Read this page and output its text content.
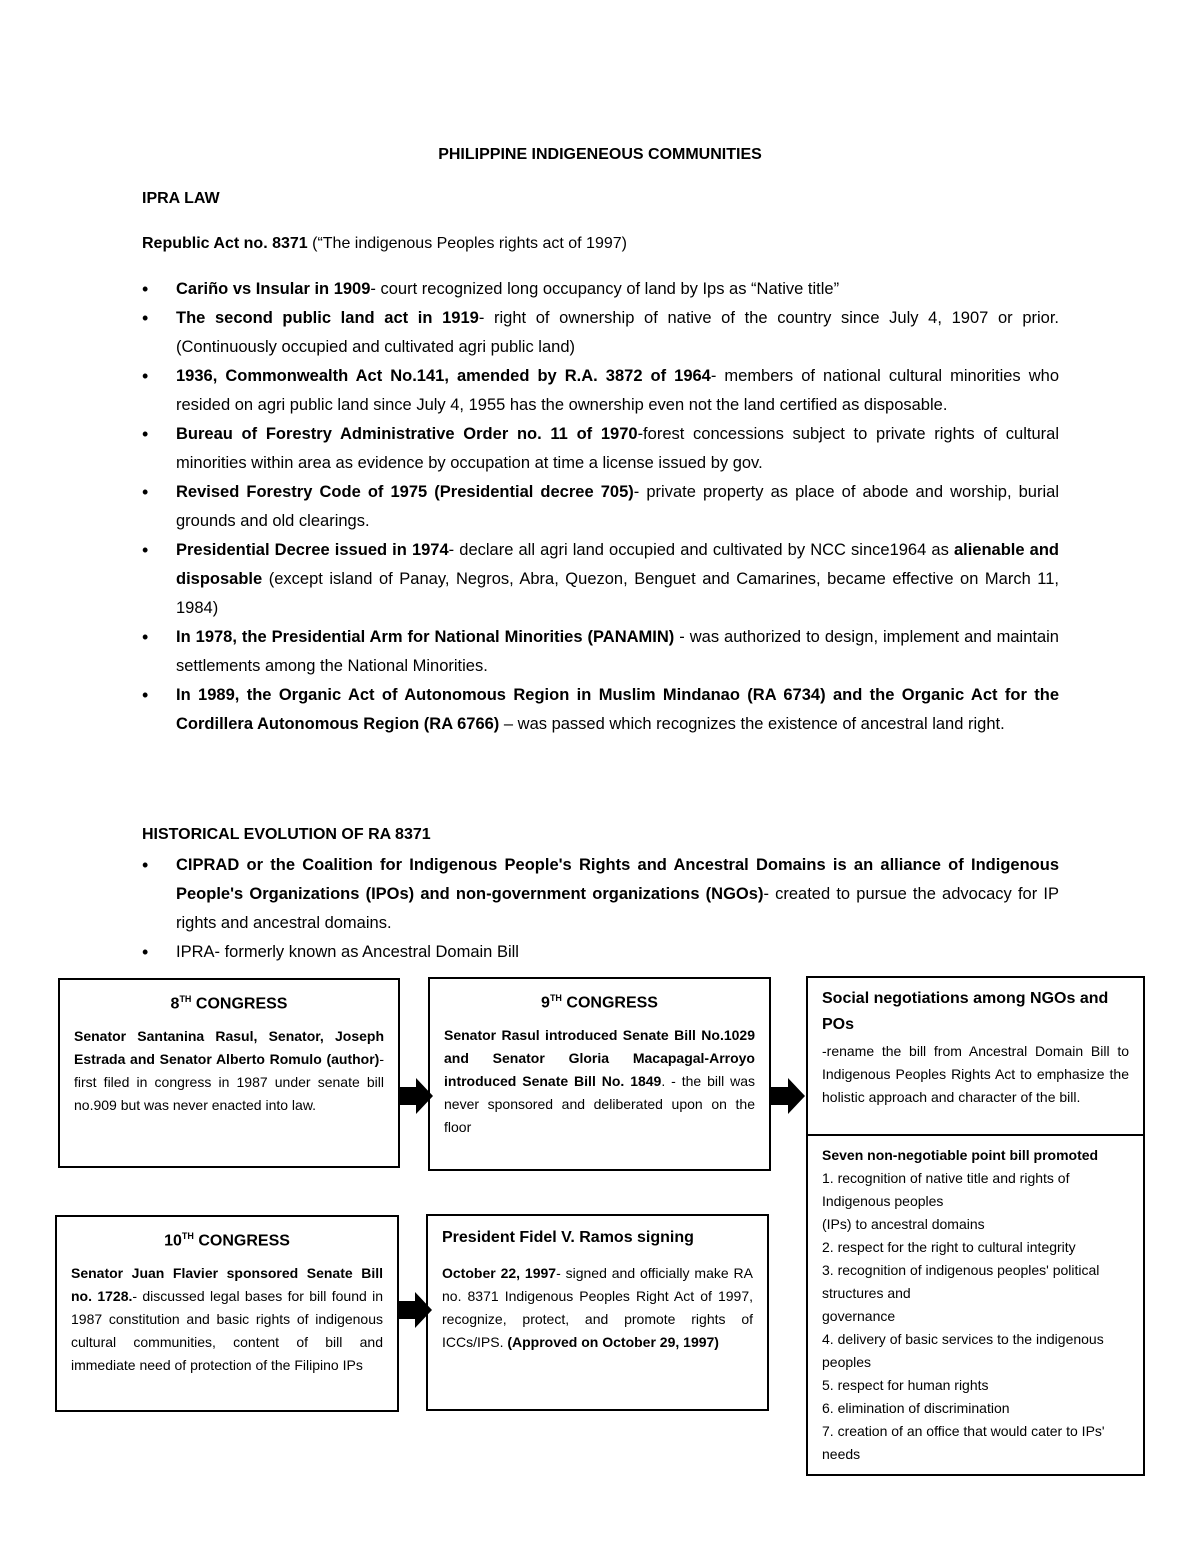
PHILIPPINE INDIGENEOUS COMMUNITIES
IPRA LAW
Republic Act no. 8371 (“The indigenous Peoples rights act of 1997)
• Cariño vs Insular in 1909- court recognized long occupancy of land by Ips as “Native title”
• The second public land act in 1919- right of ownership of native of the country since July 4, 1907 or prior. (Continuously occupied and cultivated agri public land)
• 1936, Commonwealth Act No.141, amended by R.A. 3872 of 1964- members of national cultural minorities who resided on agri public land since July 4, 1955 has the ownership even not the land certified as disposable.
• Bureau of Forestry Administrative Order no. 11 of 1970-forest concessions subject to private rights of cultural minorities within area as evidence by occupation at time a license issued by gov.
• Revised Forestry Code of 1975 (Presidential decree 705)- private property as place of abode and worship, burial grounds and old clearings.
• Presidential Decree issued in 1974- declare all agri land occupied and cultivated by NCC since1964 as alienable and disposable (except island of Panay, Negros, Abra, Quezon, Benguet and Camarines, became effective on March 11, 1984)
• In 1978, the Presidential Arm for National Minorities (PANAMIN) - was authorized to design, implement and maintain settlements among the National Minorities.
• In 1989, the Organic Act of Autonomous Region in Muslim Mindanao (RA 6734) and the Organic Act for the Cordillera Autonomous Region (RA 6766) – was passed which recognizes the existence of ancestral land right.
HISTORICAL EVOLUTION OF RA 8371
• CIPRAD or the Coalition for Indigenous People's Rights and Ancestral Domains is an alliance of Indigenous People's Organizations (IPOs) and non-government organizations (NGOs)- created to pursue the advocacy for IP rights and ancestral domains.
• IPRA- formerly known as Ancestral Domain Bill
8TH CONGRESS

Senator Santanina Rasul, Senator, Joseph Estrada and Senator Alberto Romulo (author)- first filed in congress in 1987 under senate bill no.909 but was never enacted into law.

9TH CONGRESS

Senator Rasul introduced Senate Bill No.1029 and Senator Gloria Macapagal-Arroyo introduced Senate Bill No. 1849. - the bill was never sponsored and deliberated upon on the floor

Social negotiations among NGOs and POs

-rename the bill from Ancestral Domain Bill to Indigenous Peoples Rights Act to emphasize the holistic approach and character of the bill.

Seven non-negotiable point bill promoted
1. recognition of native title and rights of Indigenous peoples
(IPs) to ancestral domains
2. respect for the right to cultural integrity
3. recognition of indigenous peoples' political structures and
governance
4. delivery of basic services to the indigenous peoples
5. respect for human rights
6. elimination of discrimination
7. creation of an office that would cater to IPs' needs
10TH CONGRESS

Senator Juan Flavier sponsored Senate Bill no. 1728.- discussed legal bases for bill found in 1987 constitution and basic rights of indigenous cultural communities, content of bill and immediate need of protection of the Filipino IPs

President Fidel V. Ramos signing

October 22, 1997- signed and officially make RA no. 8371 Indigenous Peoples Right Act of 1997, recognize, protect, and promote rights of ICCs/IPS. (Approved on October 29, 1997)
